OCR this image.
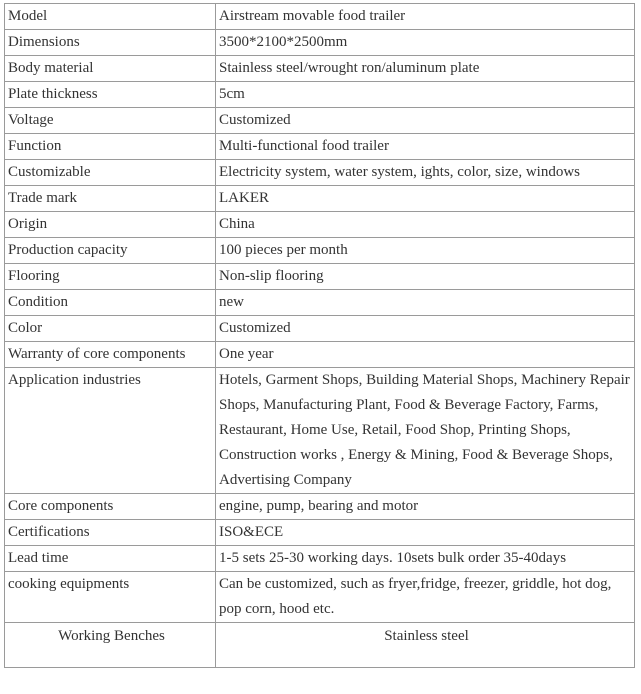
Model	Airstream movable food trailer
Dimensions	3500*2100*2500mm
Body material	Stainless steel/wrought ron/aluminum plate
Plate thickness	5cm
Voltage	Customized
Function	Multi-functional food trailer
Customizable	Electricity system, water system, ights, color, size, windows
Trade mark	LAKER
Origin	China
Production capacity	100 pieces per month
Flooring	Non-slip flooring
Condition	new
Color	Customized
Warranty of core components	One year
Application industries	Hotels, Garment Shops, Building Material Shops, Machinery Repair Shops, Manufacturing Plant, Food & Beverage Factory, Farms, Restaurant, Home Use, Retail, Food Shop, Printing Shops, Construction works , Energy & Mining, Food & Beverage Shops, Advertising Company
Core components	engine, pump, bearing and motor
Certifications	ISO&ECE
Lead time	1-5 sets 25-30 working days. 10sets bulk order 35-40days
cooking equipments	Can be customized, such as fryer,fridge, freezer, griddle, hot dog, pop corn, hood etc.
Working Benches	Stainless steel
